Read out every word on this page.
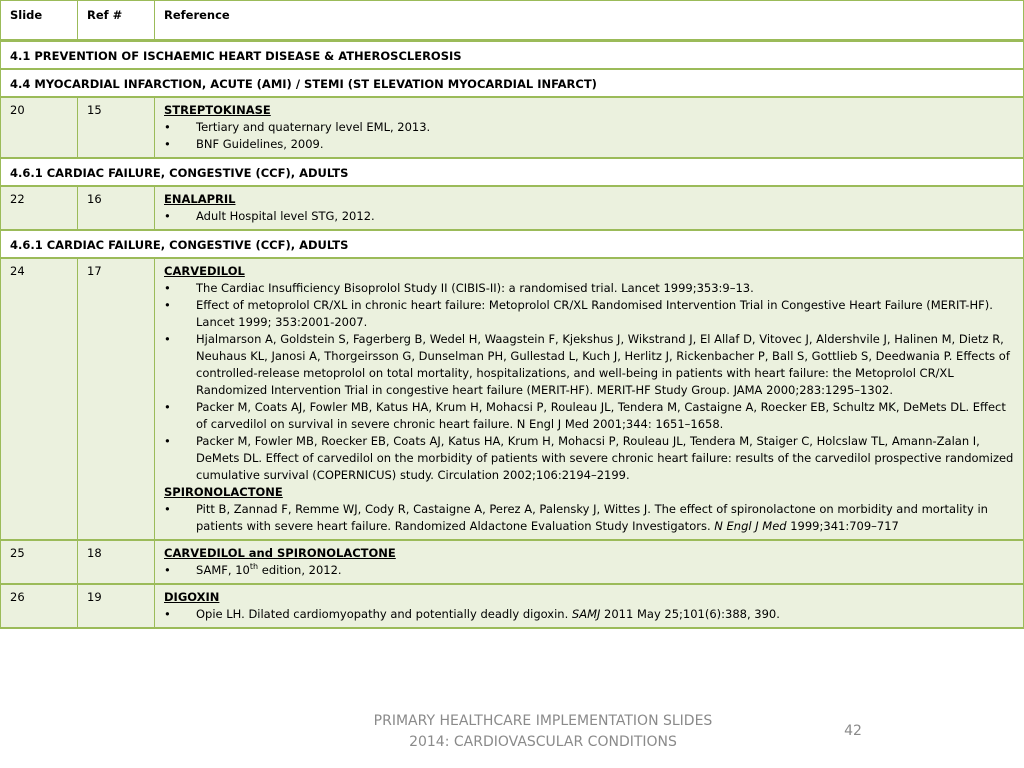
Slide	Ref #	Reference
4.1 PREVENTION OF ISCHAEMIC HEART DISEASE & ATHEROSCLEROSIS
4.4 MYOCARDIAL INFARCTION, ACUTE (AMI) / STEMI (ST ELEVATION MYOCARDIAL INFARCT)
20	15	STREPTOKINASE
•	Tertiary and quaternary level EML, 2013.
•	BNF Guidelines, 2009.
4.6.1 CARDIAC FAILURE, CONGESTIVE (CCF), ADULTS
22	16	ENALAPRIL
•	Adult Hospital level STG, 2012.
4.6.1 CARDIAC FAILURE, CONGESTIVE (CCF), ADULTS
24	17	CARVEDILOL
•	The Cardiac Insufficiency Bisoprolol Study II (CIBIS-II): a randomised trial. Lancet 1999;353:9–13.
•	Effect of metoprolol CR/XL in chronic heart failure: Metoprolol CR/XL Randomised Intervention Trial in Congestive Heart Failure (MERIT-HF). Lancet 1999; 353:2001-2007.
•	Hjalmarson A, Goldstein S, Fagerberg B, Wedel H, Waagstein F, Kjekshus J, Wikstrand J, El Allaf D, Vitovec J, Aldershvile J, Halinen M, Dietz R, Neuhaus KL, Janosi A, Thorgeirsson G, Dunselman PH, Gullestad L, Kuch J, Herlitz J, Rickenbacher P, Ball S, Gottlieb S, Deedwania P. Effects of controlled-release metoprolol on total mortality, hospitalizations, and well-being in patients with heart failure: the Metoprolol CR/XL Randomized Intervention Trial in congestive heart failure (MERIT-HF). MERIT-HF Study Group. JAMA 2000;283:1295–1302.
•	Packer M, Coats AJ, Fowler MB, Katus HA, Krum H, Mohacsi P, Rouleau JL, Tendera M, Castaigne A, Roecker EB, Schultz MK, DeMets DL. Effect of carvedilol on survival in severe chronic heart failure. N Engl J Med 2001;344: 1651–1658.
•	Packer M, Fowler MB, Roecker EB, Coats AJ, Katus HA, Krum H, Mohacsi P, Rouleau JL, Tendera M, Staiger C, Holcslaw TL, Amann-Zalan I, DeMets DL. Effect of carvedilol on the morbidity of patients with severe chronic heart failure: results of the carvedilol prospective randomized cumulative survival (COPERNICUS) study. Circulation 2002;106:2194–2199.
SPIRONOLACTONE
•	Pitt B, Zannad F, Remme WJ, Cody R, Castaigne A, Perez A, Palensky J, Wittes J. The effect of spironolactone on morbidity and mortality in patients with severe heart failure. Randomized Aldactone Evaluation Study Investigators. N Engl J Med 1999;341:709–717
25	18	CARVEDILOL and SPIRONOLACTONE
•	SAMF, 10th edition, 2012.
26	19	DIGOXIN
•	Opie LH. Dilated cardiomyopathy and potentially deadly digoxin. SAMJ 2011 May 25;101(6):388, 390.
PRIMARY HEALTHCARE IMPLEMENTATION SLIDES
2014: CARDIOVASCULAR CONDITIONS
42
